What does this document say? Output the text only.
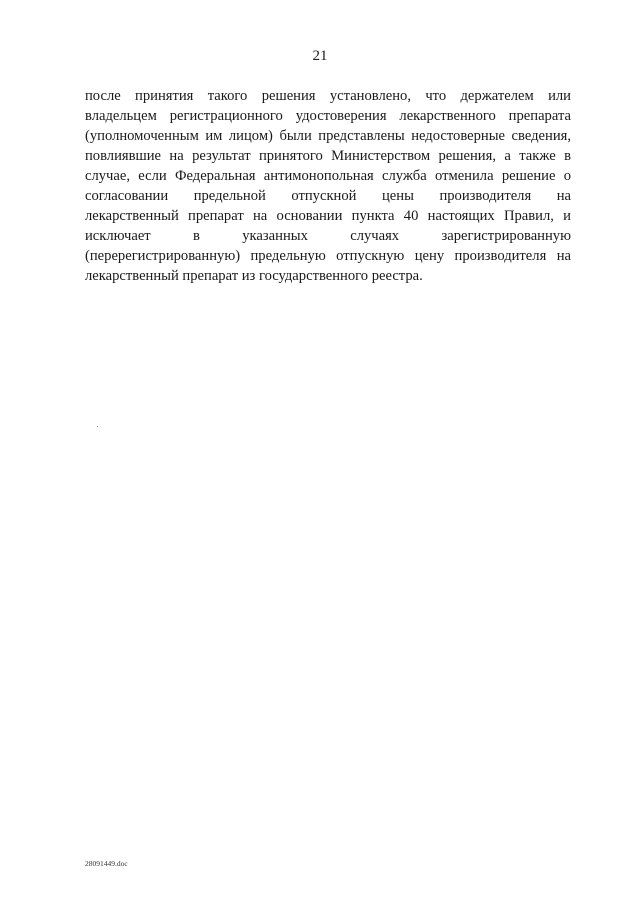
21
после принятия такого решения установлено, что держателем или
владельцем регистрационного удостоверения лекарственного препарата
(уполномоченным им лицом) были представлены недостоверные сведения,
повлиявшие на результат принятого Министерством решения, а также в
случае, если Федеральная антимонопольная служба отменила решение о
согласовании предельной отпускной цены производителя на
лекарственный препарат на основании пункта 40 настоящих Правил, и
исключает в указанных случаях зарегистрированную
(перерегистрированную) предельную отпускную цену производителя на
лекарственный препарат из государственного реестра.
28091449.doc
